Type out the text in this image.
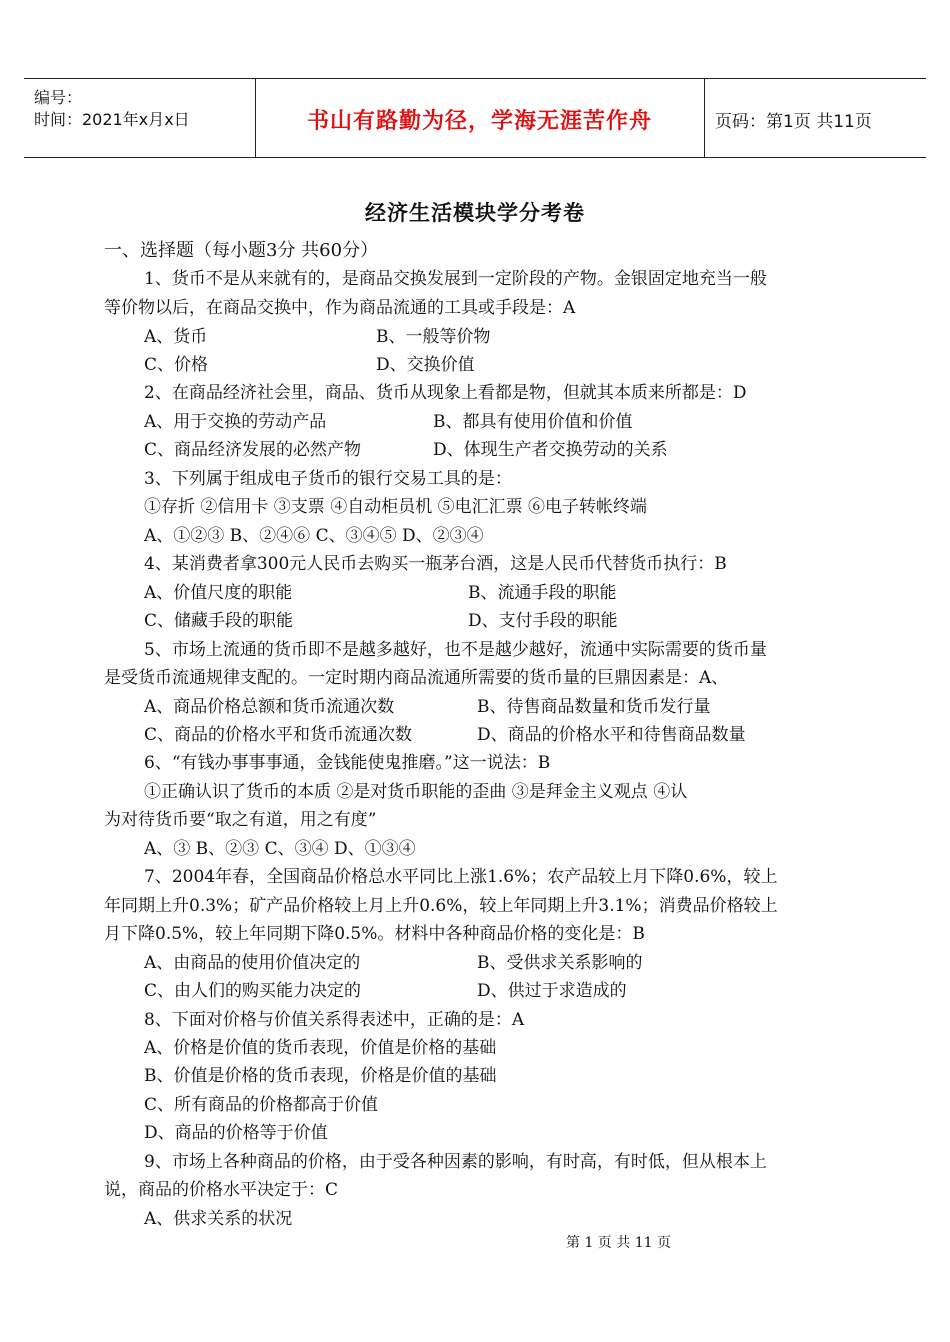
编号：
时间：2021年x月x日	书山有路勤为径，学海无涯苦作舟	页码：第1页 共11页
经济生活模块学分考卷
一、选择题（每小题3分 共60分）
1、货币不是从来就有的，是商品交换发展到一定阶段的产物。金银固定地充当一般
等价物以后，在商品交换中，作为商品流通的工具或手段是：A
A、货币	B、一般等价物
C、价格	D、交换价值
2、在商品经济社会里，商品、货币从现象上看都是物，但就其本质来所都是：D
A、用于交换的劳动产品	B、都具有使用价值和价值
C、商品经济发展的必然产物	D、体现生产者交换劳动的关系
3、下列属于组成电子货币的银行交易工具的是：
①存折 ②信用卡 ③支票 ④自动柜员机 ⑤电汇汇票 ⑥电子转帐终端
A、①②③ B、②④⑥ C、③④⑤ D、②③④
4、某消费者拿300元人民币去购买一瓶茅台酒，这是人民币代替货币执行：B
A、价值尺度的职能	B、流通手段的职能
C、储藏手段的职能	D、支付手段的职能
5、市场上流通的货币即不是越多越好，也不是越少越好，流通中实际需要的货币量
是受货币流通规律支配的。一定时期内商品流通所需要的货币量的巨鼎因素是：A、
A、商品价格总额和货币流通次数	B、待售商品数量和货币发行量
C、商品的价格水平和货币流通次数	D、商品的价格水平和待售商品数量
6、“有钱办事事事通，金钱能使鬼推磨。”这一说法：B
①正确认识了货币的本质 ②是对货币职能的歪曲 ③是拜金主义观点 ④认
为对待货币要“取之有道，用之有度”
A、③ B、②③ C、③④ D、①③④
7、2004年春，全国商品价格总水平同比上涨1.6%；农产品较上月下降0.6%，较上
年同期上升0.3%；矿产品价格较上月上升0.6%，较上年同期上升3.1%；消费品价格较上
月下降0.5%，较上年同期下降0.5%。材料中各种商品价格的变化是：B
A、由商品的使用价值决定的	B、受供求关系影响的
C、由人们的购买能力决定的	D、供过于求造成的
8、下面对价格与价值关系得表述中，正确的是：A
A、价格是价值的货币表现，价值是价格的基础
B、价值是价格的货币表现，价格是价值的基础
C、所有商品的价格都高于价值
D、商品的价格等于价值
9、市场上各种商品的价格，由于受各种因素的影响，有时高，有时低，但从根本上
说，商品的价格水平决定于：C
A、供求关系的状况
第 1 页 共 11 页
